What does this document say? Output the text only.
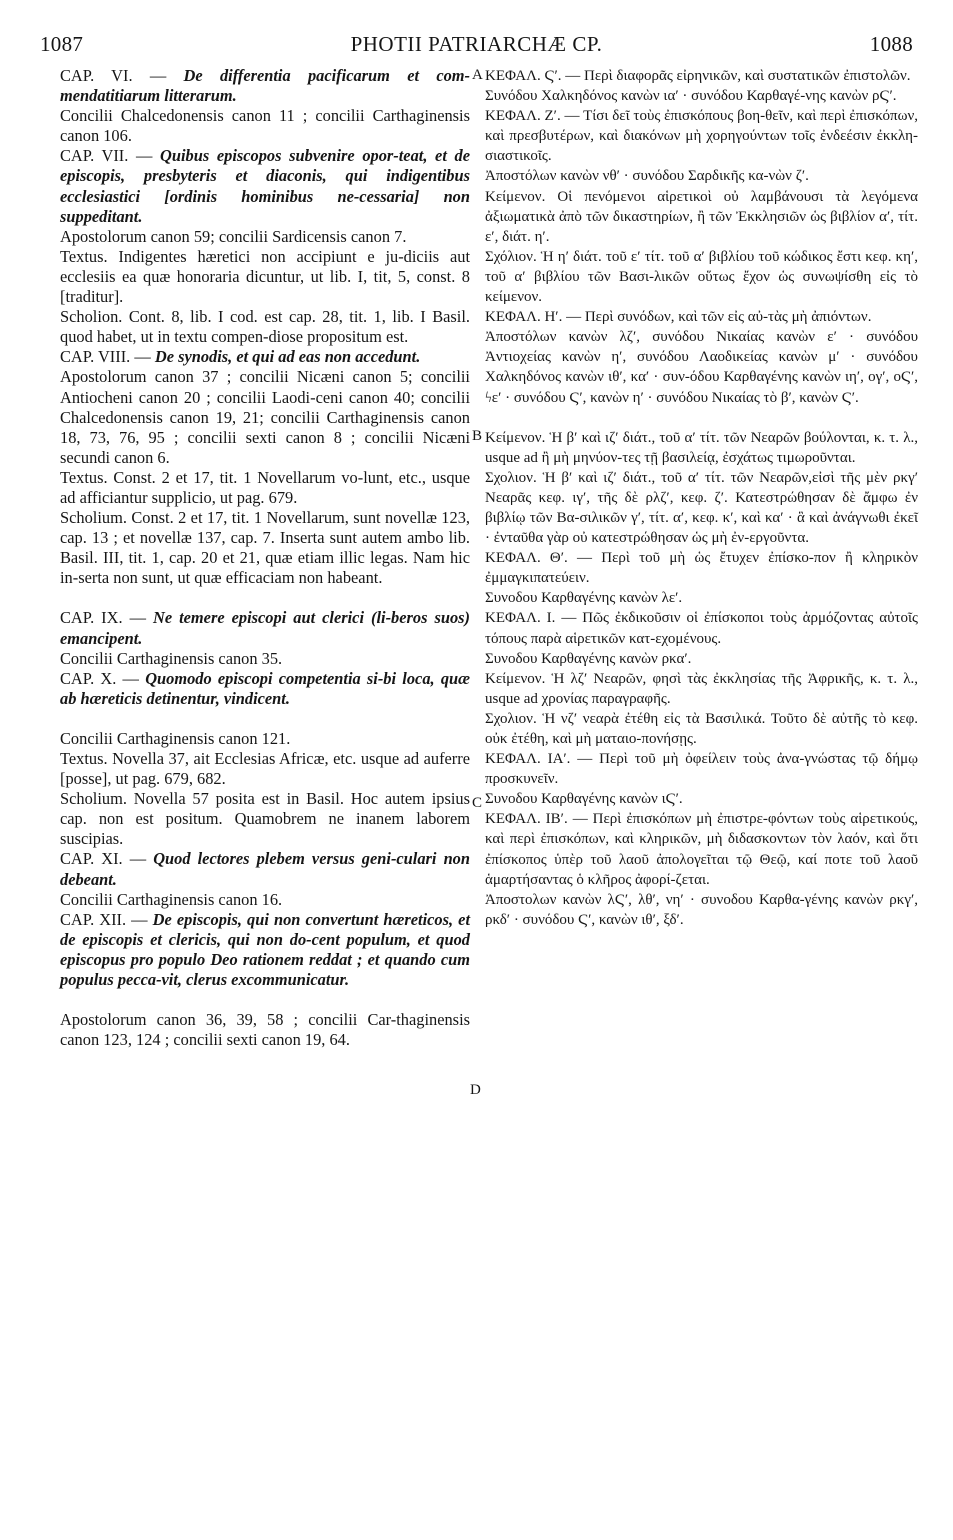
1087	PHOTII PATRIARCHÆ CP.	1088

CAP. VI. — De differentia pacificarum et com-mendatitiarum litterarum.

Concilii Chalcedonensis canon 11 ; concilii Carthaginensis canon 106.

CAP. VII. — Quibus episcopos subvenire opor-teat, et de episcopis, presbyteris et diaconis, qui indigentibus ecclesiastici [ordinis hominibus ne-cessaria] non suppeditant.

Apostolorum canon 59; concilii Sardicensis canon 7.

Textus. Indigentes hæretici non accipiunt e ju-diciis aut ecclesiis ea quæ honoraria dicuntur, ut lib. I, tit, 5, const. 8 [traditur].

Scholion. Cont. 8, lib. I cod. est cap. 28, tit. 1, lib. I Basil. quod habet, ut in textu compen-diose propositum est.

CAP. VIII. — De synodis, et qui ad eas non accedunt.

Apostolorum canon 37 ; concilii Nicæni canon 5; concilii Antiocheni canon 20 ; concilii Laodi-ceni canon 40; concilii Chalcedonensis canon 19, 21; concilii Carthaginensis canon 18, 73, 76, 95 ; concilii sexti canon 8 ; concilii Nicæni secundi canon 6.

Textus. Const. 2 et 17, tit. 1 Novellarum vo-lunt, etc., usque ad afficiantur supplicio, ut pag. 679.

Scholium. Const. 2 et 17, tit. 1 Novellarum, sunt novellæ 123, cap. 13 ; et novellæ 137, cap. 7. Inserta sunt autem ambo lib. Basil. III, tit. 1, cap. 20 et 21, quæ etiam illic legas. Nam hic in-serta non sunt, ut quæ efficaciam non habeant.

CAP. IX. — Ne temere episcopi aut clerici (li-beros suos) emancipent.

Concilii Carthaginensis canon 35.

CAP. X. — Quomodo episcopi competentia si-bi loca, quæ ab hæreticis detinentur, vindicent.

Concilii Carthaginensis canon 121.

Textus. Novella 37, ait Ecclesias Africæ, etc. usque ad auferre [posse], ut pag. 679, 682.

Scholium. Novella 57 posita est in Basil. Hoc autem ipsius cap. non est positum. Quamobrem ne inanem laborem suscipias.

CAP. XI. — Quod lectores plebem versus geni-culari non debeant.

Concilii Carthaginensis canon 16.

CAP. XII. — De episcopis, qui non convertunt hæreticos, et de episcopis et clericis, qui non do-cent populum, et quod episcopus pro populo Deo rationem reddat ; et quando cum populus pecca-vit, clerus excommunicatur.

Apostolorum canon 36, 39, 58 ; concilii Car-thaginensis canon 123, 124 ; concilii sexti canon 19, 64.

A
B
C
D

ΚΕΦΑΛ. Ϛʹ. — Περὶ διαφορᾶς εἰρηνικῶν, καὶ συστατικῶν ἐπιστολῶν.

Συνόδου Χαλκηδόνος κανὼν ιαʹ · συνόδου Καρθαγέ-νης κανὼν ρϚʹ.

ΚΕΦΑΛ. Ζʹ. — Τίσι δεῖ τοὺς ἐπισκόπους βοη-θεῖν, καὶ περὶ ἐπισκόπων, καὶ πρεσβυτέρων, καὶ διακόνων μὴ χορηγούντων τοῖς ἐνδεέσιν ἐκκλη-σιαστικοῖς.

Ἀποστόλων κανὼν νθʹ · συνόδου Σαρδικῆς κα-νὼν ζʹ.

Κείμενον. Οἱ πενόμενοι αἱρετικοὶ οὐ λαμβάνουσι τὰ λεγόμενα ἀξιωματικὰ ἀπὸ τῶν δικαστηρίων, ἢ τῶν Ἐκκλησιῶν ὡς βιβλίον αʹ, τίτ. εʹ, διάτ. ηʹ.

Σχόλιον. Ἡ ηʹ διάτ. τοῦ εʹ τίτ. τοῦ αʹ βιβλίου τοῦ κώδικος ἔστι κεφ. κηʹ, τοῦ αʹ βιβλίου τῶν Βασι-λικῶν οὕτως ἔχον ὡς συνωψίσθη εἰς τὸ κείμενον.

ΚΕΦΑΛ. Ηʹ. — Περὶ συνόδων, καὶ τῶν εἰς αὐ-τὰς μὴ ἀπιόντων.

Ἀποστόλων κανὼν λζʹ, συνόδου Νικαίας κανὼν εʹ · συνόδου Ἀντιοχείας κανὼν ηʹ, συνόδου Λαοδικείας κανὼν μʹ · συνόδου Χαλκηδόνος κανὼν ιθʹ, καʹ · συν-όδου Καρθαγένης κανὼν ιηʹ, ογʹ, οϚʹ, ϟεʹ · συνόδου Ϛʹ, κανὼν ηʹ · συνόδου Νικαίας τὸ βʹ, κανὼν Ϛʹ.

Κείμενον. Ἡ βʹ καὶ ιζʹ διάτ., τοῦ αʹ τίτ. τῶν Νεαρῶν βούλονται, κ. τ. λ., usque ad ἢ μὴ μηνύον-τες τῇ βασιλείᾳ, ἐσχάτως τιμωροῦνται.

Σχολιον. Ἡ βʹ καὶ ιζʹ διάτ., τοῦ αʹ τίτ. τῶν Νεαρῶν,εἰσὶ τῆς μὲν ρκγʹ Νεαρᾶς κεφ. ιγʹ, τῆς δὲ ρλζʹ, κεφ. ζʹ. Κατεστρώθησαν δὲ ἄμφω ἐν βιβλίῳ τῶν Βα-σιλικῶν γʹ, τίτ. αʹ, κεφ. κʹ, καὶ καʹ · ἃ καὶ ἀνάγνωθι ἐκεῖ · ἐνταῦθα γὰρ οὐ κατεστρώθησαν ὡς μὴ ἐν-εργοῦντα.

ΚΕΦΑΛ. Θʹ. — Περὶ τοῦ μὴ ὡς ἔτυχεν ἐπίσκο-πον ἢ κληρικὸν ἐμμαγκιπατεύειν.

Συνοδου Καρθαγένης κανὼν λεʹ.

ΚΕΦΑΛ. Ι. — Πῶς ἐκδικοῦσιν οἱ ἐπίσκοποι τοὺς ἁρμόζοντας αὐτοῖς τόπους παρὰ αἱρετικῶν κατ-εχομένους.

Συνοδου Καρθαγένης κανὼν ρκαʹ.

Κείμενον. Ἡ λζʹ Νεαρῶν, φησὶ τὰς ἐκκλησίας τῆς Ἀφρικῆς, κ. τ. λ., usque ad χρονίας παραγραφῆς.

Σχολιον. Ἡ νζʹ νεαρὰ ἐτέθη εἰς τὰ Βασιλικά. Τοῦτο δὲ αὐτῆς τὸ κεφ. οὐκ ἐτέθη, καὶ μὴ ματαιο-πονήσῃς.

ΚΕΦΑΛ. ΙΑʹ. — Περὶ τοῦ μὴ ὀφείλειν τοὺς ἀνα-γνώστας τῷ δήμῳ προσκυνεῖν.

Συνοδου Καρθαγένης κανὼν ιϚʹ.

ΚΕΦΑΛ. ΙΒʹ. — Περὶ ἐπισκόπων μὴ ἐπιστρε-φόντων τοὺς αἱρετικούς, καὶ περὶ ἐπισκόπων, καὶ κληρικῶν, μὴ διδασκοντων τὸν λαόν, καὶ ὅτι ἐπίσκοπος ὑπὲρ τοῦ λαοῦ ἀπολογεῖται τῷ Θεῷ, καί ποτε τοῦ λαοῦ ἁμαρτήσαντας ὁ κλῆρος ἀφορί-ζεται.

Ἀποστολων κανὼν λϚʹ, λθʹ, νηʹ · συνοδου Καρθα-γένης κανὼν ρκγʹ, ρκδʹ · συνόδου Ϛʹ, κανὼν ιθʹ, ξδʹ.
